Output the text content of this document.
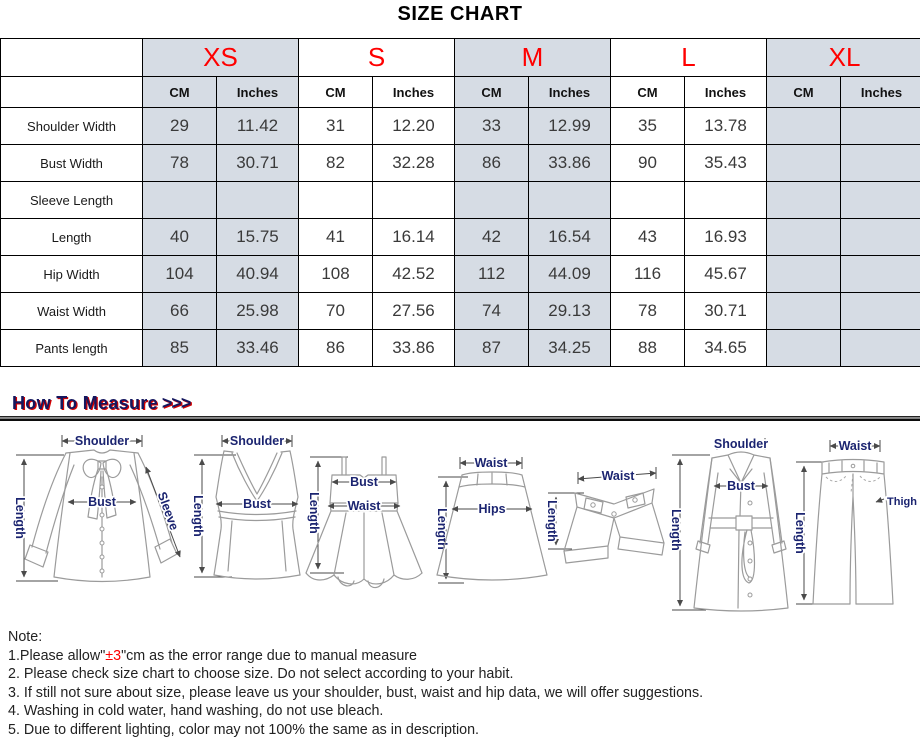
SIZE CHART
	XS		S		M		L		XL	
	CM	Inches	CM	Inches	CM	Inches	CM	Inches	CM	Inches
Shoulder Width	29	11.42	31	12.20	33	12.99	35	13.78		
Bust Width	78	30.71	82	32.28	86	33.86	90	35.43		
Sleeve Length										
Length	40	15.75	41	16.14	42	16.54	43	16.93		
Hip Width	104	40.94	108	42.52	112	44.09	116	45.67		
Waist Width	66	25.98	70	27.56	74	29.13	78	30.71		
Pants length	85	33.46	86	33.86	87	34.25	88	34.65		
How To Measure >>>
Shoulder
Length	Bust	Sleeve
Shoulder
Length	Bust	Length
Bust
Waist
Waist
Length Hips
Waist
Length
Shoulder
Length
Bust
Waist
Length
Thigh
Note:
1.Please allow"±3"cm as the error range due to manual measure
2. Please check size chart to choose size. Do not select according to your habit.
3. If still not sure about size, please leave us your shoulder, bust, waist and hip data, we will offer suggestions.
4. Washing in cold water, hand washing, do not use bleach.
5. Due to different lighting, color may not 100% the same as in description.
